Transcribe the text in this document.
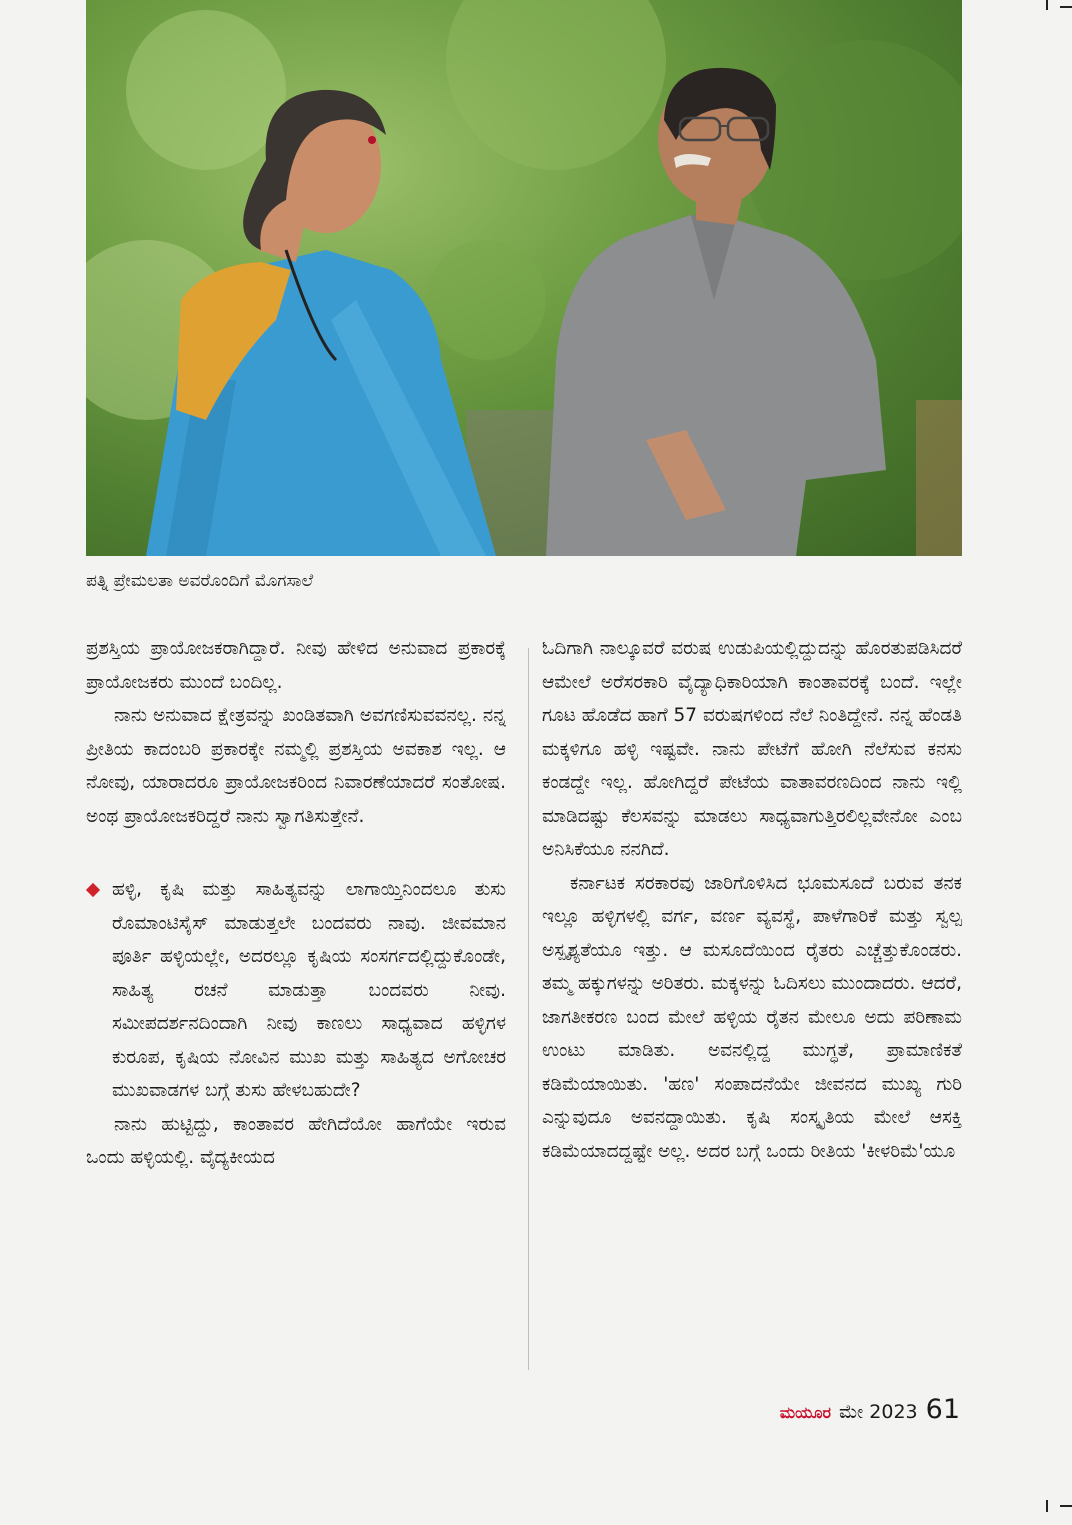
ಪತ್ನಿ ಪ್ರೇಮಲತಾ ಅವರೊಂದಿಗೆ ಮೊಗಸಾಲೆ

ಪ್ರಶಸ್ತಿಯ ಪ್ರಾಯೋಜಕರಾಗಿದ್ದಾರೆ. ನೀವು ಹೇಳಿದ ಅನುವಾದ ಪ್ರಕಾರಕ್ಕೆ ಪ್ರಾಯೋಜಕರು ಮುಂದೆ ಬಂದಿಲ್ಲ.

ನಾನು ಅನುವಾದ ಕ್ಷೇತ್ರವನ್ನು ಖಂಡಿತವಾಗಿ ಅವಗಣಿಸುವವನಲ್ಲ. ನನ್ನ ಪ್ರೀತಿಯ ಕಾದಂಬರಿ ಪ್ರಕಾರಕ್ಕೇ ನಮ್ಮಲ್ಲಿ ಪ್ರಶಸ್ತಿಯ ಅವಕಾಶ ಇಲ್ಲ. ಆ ನೋವು, ಯಾರಾದರೂ ಪ್ರಾಯೋಜಕರಿಂದ ನಿವಾರಣೆಯಾದರೆ ಸಂತೋಷ. ಅಂಥ ಪ್ರಾಯೋಜಕರಿದ್ದರೆ ನಾನು ಸ್ವಾಗತಿಸುತ್ತೇನೆ.

ಹಳ್ಳಿ, ಕೃಷಿ ಮತ್ತು ಸಾಹಿತ್ಯವನ್ನು ಲಾಗಾಯ್ತಿನಿಂದಲೂ ತುಸು ರೊಮಾಂಟಿಸೈಸ್ ಮಾಡುತ್ತಲೇ ಬಂದವರು ನಾವು. ಜೀವಮಾನ ಪೂರ್ತಿ ಹಳ್ಳಿಯಲ್ಲೇ, ಅದರಲ್ಲೂ ಕೃಷಿಯ ಸಂಸರ್ಗದಲ್ಲಿದ್ದುಕೊಂಡೇ, ಸಾಹಿತ್ಯ ರಚನೆ ಮಾಡುತ್ತಾ ಬಂದವರು ನೀವು. ಸಮೀಪದರ್ಶನದಿಂದಾಗಿ ನೀವು ಕಾಣಲು ಸಾಧ್ಯವಾದ ಹಳ್ಳಿಗಳ ಕುರೂಪ, ಕೃಷಿಯ ನೋವಿನ ಮುಖ ಮತ್ತು ಸಾಹಿತ್ಯದ ಅಗೋಚರ ಮುಖವಾಡಗಳ ಬಗ್ಗೆ ತುಸು ಹೇಳಬಹುದೇ?

ನಾನು ಹುಟ್ಟಿದ್ದು, ಕಾಂತಾವರ ಹೇಗಿದೆಯೋ ಹಾಗೆಯೇ ಇರುವ ಒಂದು ಹಳ್ಳಿಯಲ್ಲಿ. ವೈದ್ಯಕೀಯದ

ಓದಿಗಾಗಿ ನಾಲ್ಕೂವರೆ ವರುಷ ಉಡುಪಿಯಲ್ಲಿದ್ದುದನ್ನು ಹೊರತುಪಡಿಸಿದರೆ ಆಮೇಲೆ ಅರೆಸರಕಾರಿ ವೈದ್ಯಾಧಿಕಾರಿಯಾಗಿ ಕಾಂತಾವರಕ್ಕೆ ಬಂದೆ. ಇಲ್ಲೇ ಗೂಟ ಹೊಡೆದ ಹಾಗೆ 57 ವರುಷಗಳಿಂದ ನೆಲೆ ನಿಂತಿದ್ದೇನೆ. ನನ್ನ ಹೆಂಡತಿ ಮಕ್ಕಳಿಗೂ ಹಳ್ಳಿ ಇಷ್ಟವೇ. ನಾನು ಪೇಟೆಗೆ ಹೋಗಿ ನೆಲೆಸುವ ಕನಸು ಕಂಡದ್ದೇ ಇಲ್ಲ. ಹೋಗಿದ್ದರೆ ಪೇಟೆಯ ವಾತಾವರಣದಿಂದ ನಾನು ಇಲ್ಲಿ ಮಾಡಿದಷ್ಟು ಕೆಲಸವನ್ನು ಮಾಡಲು ಸಾಧ್ಯವಾಗುತ್ತಿರಲಿಲ್ಲವೇನೋ ಎಂಬ ಅನಿಸಿಕೆಯೂ ನನಗಿದೆ.

ಕರ್ನಾಟಕ ಸರಕಾರವು ಜಾರಿಗೊಳಿಸಿದ ಭೂಮಸೂದೆ ಬರುವ ತನಕ ಇಲ್ಲೂ ಹಳ್ಳಿಗಳಲ್ಲಿ ವರ್ಗ, ವರ್ಣ ವ್ಯವಸ್ಥೆ, ಪಾಳೆಗಾರಿಕೆ ಮತ್ತು ಸ್ವಲ್ಪ ಅಸ್ಪೃಶ್ಯತೆಯೂ ಇತ್ತು. ಆ ಮಸೂದೆಯಿಂದ ರೈತರು ಎಚ್ಚೆತ್ತುಕೊಂಡರು. ತಮ್ಮ ಹಕ್ಕುಗಳನ್ನು ಅರಿತರು. ಮಕ್ಕಳನ್ನು ಓದಿಸಲು ಮುಂದಾದರು. ಆದರೆ, ಜಾಗತೀಕರಣ ಬಂದ ಮೇಲೆ ಹಳ್ಳಿಯ ರೈತನ ಮೇಲೂ ಅದು ಪರಿಣಾಮ ಉಂಟು ಮಾಡಿತು. ಅವನಲ್ಲಿದ್ದ ಮುಗ್ಧತೆ, ಪ್ರಾಮಾಣಿಕತೆ ಕಡಿಮೆಯಾಯಿತು. 'ಹಣ' ಸಂಪಾದನೆಯೇ ಜೀವನದ ಮುಖ್ಯ ಗುರಿ ಎನ್ನುವುದೂ ಅವನದ್ದಾಯಿತು. ಕೃಷಿ ಸಂಸ್ಕೃತಿಯ ಮೇಲೆ ಆಸಕ್ತಿ ಕಡಿಮೆಯಾದದ್ದಷ್ಟೇ ಅಲ್ಲ. ಅದರ ಬಗ್ಗೆ ಒಂದು ರೀತಿಯ 'ಕೀಳರಿಮೆ'ಯೂ

ಮಯೂರ ಮೇ 2023 61
